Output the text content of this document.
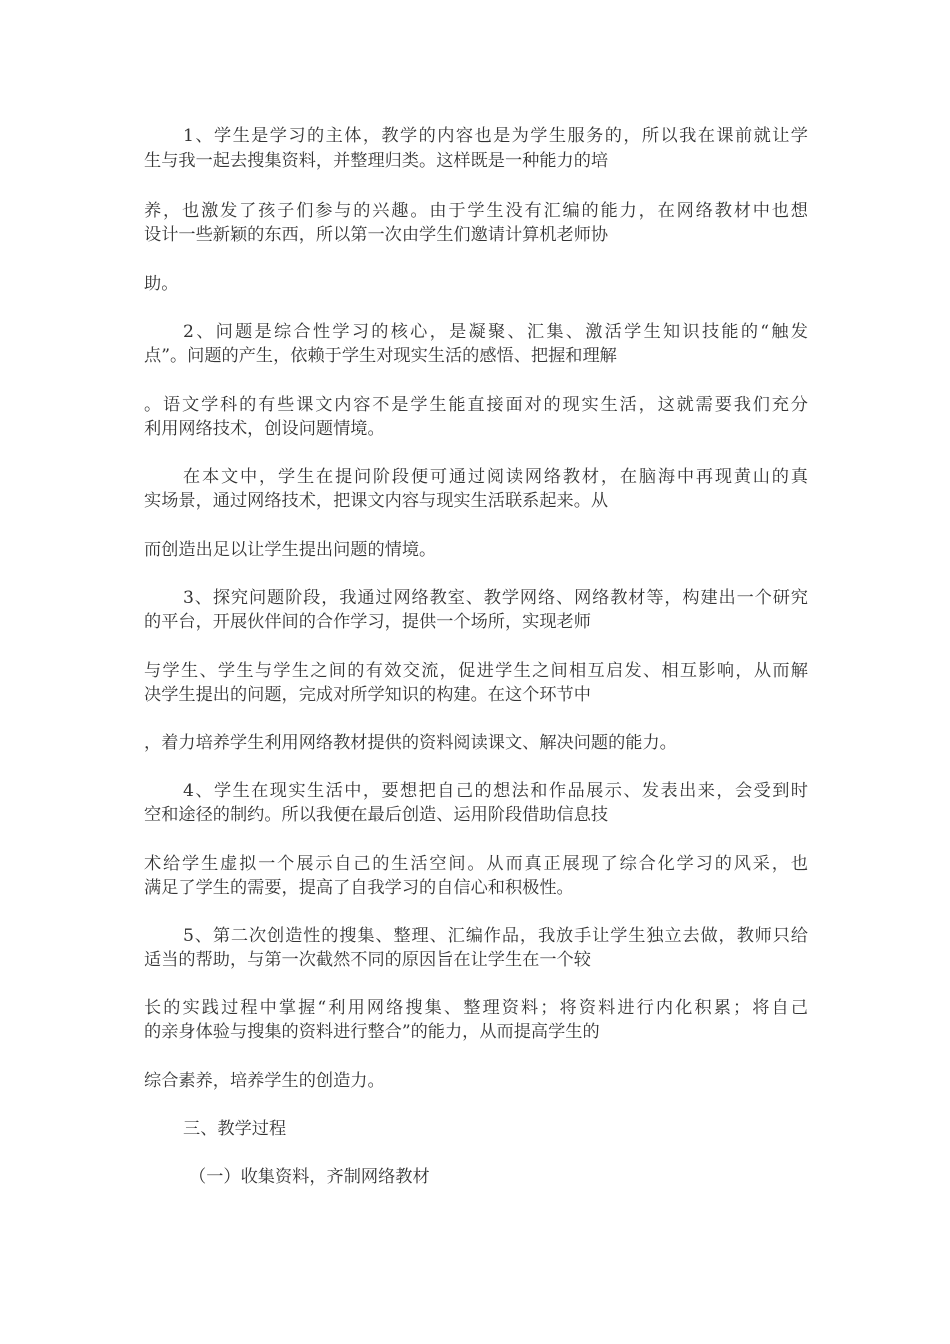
1、学生是学习的主体，教学的内容也是为学生服务的，所以我在课前就让学
生与我一起去搜集资料，并整理归类。这样既是一种能力的培
养，也激发了孩子们参与的兴趣。由于学生没有汇编的能力，在网络教材中也想
设计一些新颖的东西，所以第一次由学生们邀请计算机老师协
助。
2、问题是综合性学习的核心，是凝聚、汇集、激活学生知识技能的“触发
点”。问题的产生，依赖于学生对现实生活的感悟、把握和理解
。语文学科的有些课文内容不是学生能直接面对的现实生活，这就需要我们充分
利用网络技术，创设问题情境。
在本文中，学生在提问阶段便可通过阅读网络教材，在脑海中再现黄山的真
实场景，通过网络技术，把课文内容与现实生活联系起来。从
而创造出足以让学生提出问题的情境。
3、探究问题阶段，我通过网络教室、教学网络、网络教材等，构建出一个研究
的平台，开展伙伴间的合作学习，提供一个场所，实现老师
与学生、学生与学生之间的有效交流，促进学生之间相互启发、相互影响，从而解
决学生提出的问题，完成对所学知识的构建。在这个环节中
，着力培养学生利用网络教材提供的资料阅读课文、解决问题的能力。
4、学生在现实生活中，要想把自己的想法和作品展示、发表出来，会受到时
空和途径的制约。所以我便在最后创造、运用阶段借助信息技
术给学生虚拟一个展示自己的生活空间。从而真正展现了综合化学习的风采，也
满足了学生的需要，提高了自我学习的自信心和积极性。
5、第二次创造性的搜集、整理、汇编作品，我放手让学生独立去做，教师只给
适当的帮助，与第一次截然不同的原因旨在让学生在一个较
长的实践过程中掌握“利用网络搜集、整理资料；将资料进行内化积累；将自己
的亲身体验与搜集的资料进行整合”的能力，从而提高学生的
综合素养，培养学生的创造力。
三、教学过程
（一）收集资料，齐制网络教材
